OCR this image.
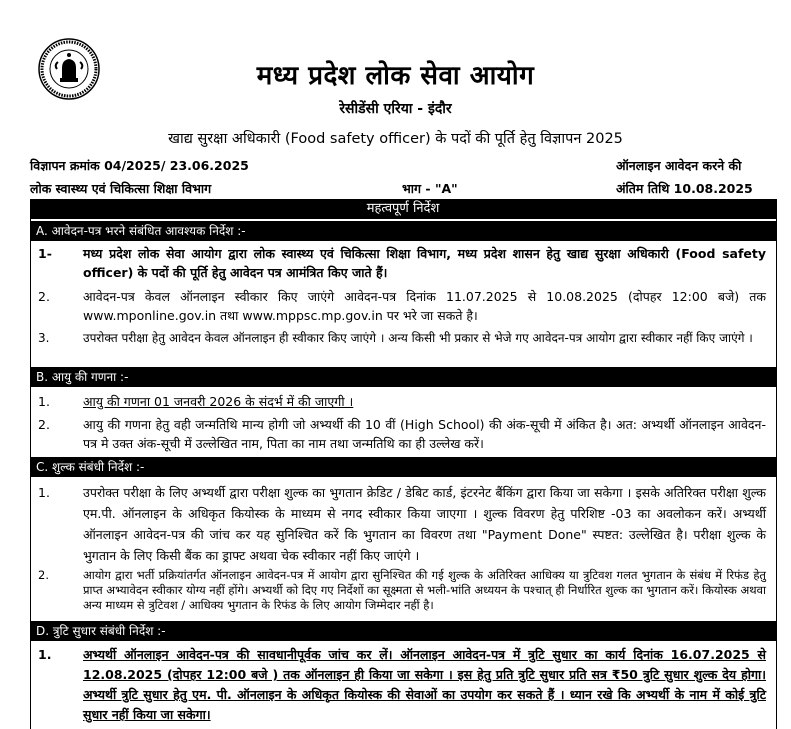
मध्य प्रदेश लोक सेवा आयोग
रेसीडेंसी एरिया - इंदौर
खाद्य सुरक्षा अधिकारी (Food safety officer) के पदों की पूर्ति हेतु विज्ञापन 2025
विज्ञापन क्रमांक 04/2025/ 23.06.2025
लोक स्वास्थ्य एवं चिकित्सा शिक्षा विभाग	भाग - "A"
ऑनलाइन आवेदन करने की
अंतिम तिथि 10.08.2025
महत्वपूर्ण निर्देश
A. आवेदन-पत्र भरने संबंधित आवश्यक निर्देश :-
1-	मध्य प्रदेश लोक सेवा आयोग द्वारा लोक स्वास्थ्य एवं चिकित्सा शिक्षा विभाग, मध्य प्रदेश शासन हेतु खाद्य सुरक्षा अधिकारी (Food safety officer) के पदों की पूर्ति हेतु आवेदन पत्र आमंत्रित किए जाते हैं।
2.	आवेदन-पत्र केवल ऑनलाइन स्वीकार किए जाएंगे आवेदन-पत्र दिनांक 11.07.2025 से 10.08.2025 (दोपहर 12:00 बजे) तक www.mponline.gov.in तथा www.mppsc.mp.gov.in पर भरे जा सकते है।
3.	उपरोक्त परीक्षा हेतु आवेदन केवल ऑनलाइन ही स्वीकार किए जाएंगे । अन्य किसी भी प्रकार से भेजे गए आवेदन-पत्र आयोग द्वारा स्वीकार नहीं किए जाएंगे ।
B. आयु की गणना :-
1.	आयु की गणना 01 जनवरी 2026 के संदर्भ में की जाएगी ।
2.	आयु की गणना हेतु वही जन्मतिथि मान्य होगी जो अभ्यर्थी की 10 वीं (High School) की अंक-सूची में अंकित है। अत: अभ्यर्थी ऑनलाइन आवेदन-पत्र मे उक्त अंक-सूची में उल्लेखित नाम, पिता का नाम तथा जन्मतिथि का ही उल्लेख करें।
C. शुल्क संबंधी निर्देश :-
1.	उपरोक्त परीक्षा के लिए अभ्यर्थी द्वारा परीक्षा शुल्क का भुगतान क्रेडिट / डेबिट कार्ड, इंटरनेट बैंकिंग द्वारा किया जा सकेगा । इसके अतिरिक्त परीक्षा शुल्क एम.पी. ऑनलाइन के अधिकृत कियोस्क के माध्यम से नगद स्वीकार किया जाएगा । शुल्क विवरण हेतु परिशिष्ट -03 का अवलोकन करें। अभ्यर्थी ऑनलाइन आवेदन-पत्र की जांच कर यह सुनिश्चित करें कि भुगतान का विवरण तथा "Payment Done" स्पष्टत: उल्लेखित है। परीक्षा शुल्क के भुगतान के लिए किसी बैंक का ड्राफ्ट अथवा चेक स्वीकार नहीं किए जाएंगे ।
2.	आयोग द्वारा भर्ती प्रक्रियांतर्गत ऑनलाइन आवेदन-पत्र में आयोग द्वारा सुनिश्चित की गई शुल्क के अतिरिक्त आधिक्य या त्रुटिवश गलत भुगतान के संबंध में रिफंड हेतु प्राप्त अभ्यावेदन स्वीकार योग्य नहीं होंगे। अभ्यर्थी को दिए गए निर्देशों का सूक्ष्मता से भली-भांति अध्ययन के पश्चात् ही निर्धारित शुल्क का भुगतान करें। कियोस्क अथवा अन्य माध्यम से त्रुटिवश / आधिक्य भुगतान के रिफंड के लिए आयोग जिम्मेदार नहीं है।
D. त्रुटि सुधार संबंधी निर्देश :-
1.	अभ्यर्थी ऑनलाइन आवेदन-पत्र की सावधानीपूर्वक जांच कर लें। ऑनलाइन आवेदन-पत्र में त्रुटि सुधार का कार्य दिनांक 16.07.2025 से 12.08.2025 (दोपहर 12:00 बजे ) तक ऑनलाइन ही किया जा सकेगा । इस हेतु प्रति त्रुटि सुधार प्रति सत्र ₹50 त्रुटि सुधार शुल्क देय होगा। अभ्यर्थी त्रुटि सुधार हेतु एम. पी. ऑनलाइन के अधिकृत कियोस्क की सेवाओं का उपयोग कर सकते हैं । ध्यान रखे कि अभ्यर्थी के नाम में कोई त्रुटि सुधार नहीं किया जा सकेगा।
